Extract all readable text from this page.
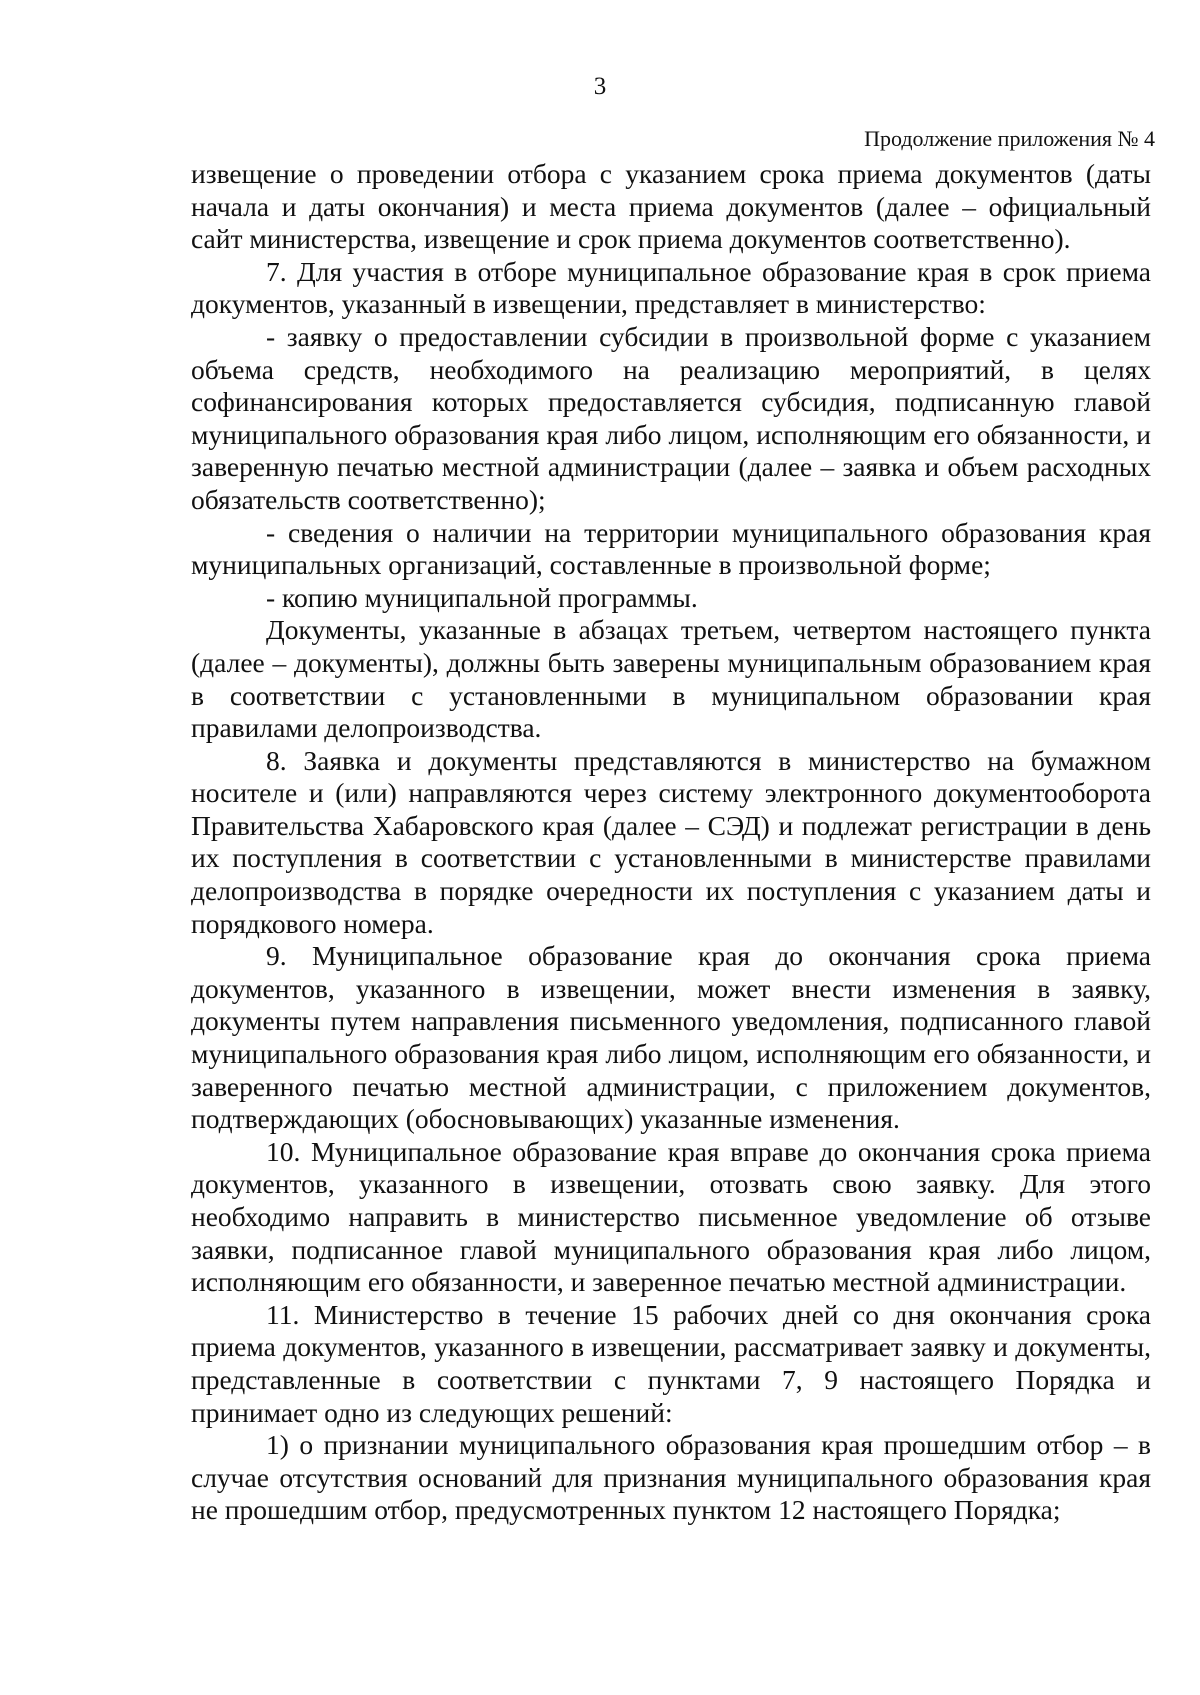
3
Продолжение приложения № 4

извещение о проведении отбора с указанием срока приема документов (даты начала и даты окончания) и места приема документов (далее – официальный сайт министерства, извещение и срок приема документов соответственно).

7. Для участия в отборе муниципальное образование края в срок приема документов, указанный в извещении, представляет в министерство:

- заявку о предоставлении субсидии в произвольной форме с указанием объема средств, необходимого на реализацию мероприятий, в целях софинансирования которых предоставляется субсидия, подписанную главой муниципального образования края либо лицом, исполняющим его обязанности, и заверенную печатью местной администрации (далее – заявка и объем расходных обязательств соответственно);

- сведения о наличии на территории муниципального образования края муниципальных организаций, составленные в произвольной форме;

- копию муниципальной программы.

Документы, указанные в абзацах третьем, четвертом настоящего пункта (далее – документы), должны быть заверены муниципальным образованием края в соответствии с установленными в муниципальном образовании края правилами делопроизводства.

8. Заявка и документы представляются в министерство на бумажном носителе и (или) направляются через систему электронного документооборота Правительства Хабаровского края (далее – СЭД) и подлежат регистрации в день их поступления в соответствии с установленными в министерстве правилами делопроизводства в порядке очередности их поступления с указанием даты и порядкового номера.

9. Муниципальное образование края до окончания срока приема документов, указанного в извещении, может внести изменения в заявку, документы путем направления письменного уведомления, подписанного главой муниципального образования края либо лицом, исполняющим его обязанности, и заверенного печатью местной администрации, с приложением документов, подтверждающих (обосновывающих) указанные изменения.

10. Муниципальное образование края вправе до окончания срока приема документов, указанного в извещении, отозвать свою заявку. Для этого необходимо направить в министерство письменное уведомление об отзыве заявки, подписанное главой муниципального образования края либо лицом, исполняющим его обязанности, и заверенное печатью местной администрации.

11. Министерство в течение 15 рабочих дней со дня окончания срока приема документов, указанного в извещении, рассматривает заявку и документы, представленные в соответствии с пунктами 7, 9 настоящего Порядка и принимает одно из следующих решений:

1) о признании муниципального образования края прошедшим отбор – в случае отсутствия оснований для признания муниципального образования края не прошедшим отбор, предусмотренных пунктом 12 настоящего Порядка;
